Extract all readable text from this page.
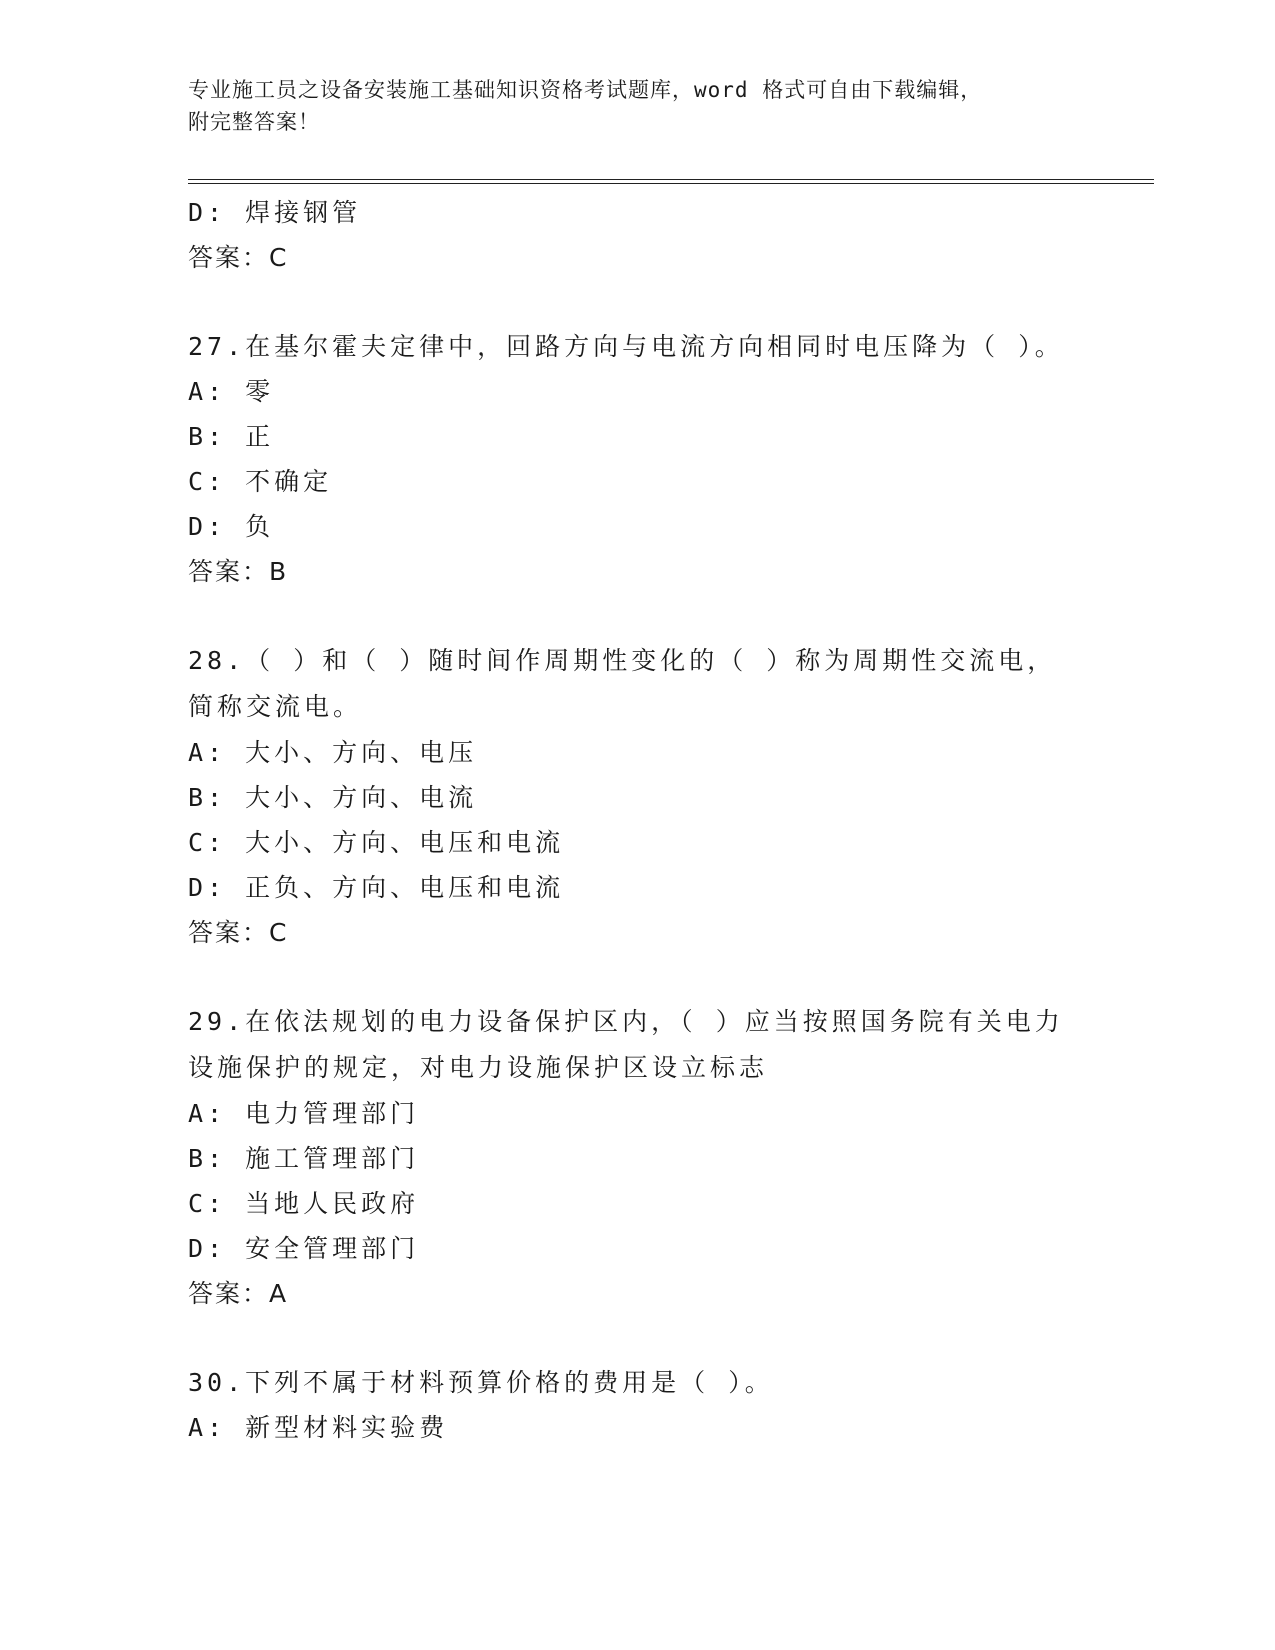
专业施工员之设备安装施工基础知识资格考试题库，word 格式可自由下载编辑，
附完整答案！
D: 焊接钢管
答案：C
27.在基尔霍夫定律中，回路方向与电流方向相同时电压降为（ ）。
A: 零
B: 正
C: 不确定
D: 负
答案：B
28.（ ）和（ ）随时间作周期性变化的（ ）称为周期性交流电，简称交流电。
A: 大小、方向、电压
B: 大小、方向、电流
C: 大小、方向、电压和电流
D: 正负、方向、电压和电流
答案：C
29.在依法规划的电力设备保护区内，（ ）应当按照国务院有关电力设施保护的规定，对电力设施保护区设立标志
A: 电力管理部门
B: 施工管理部门
C: 当地人民政府
D: 安全管理部门
答案：A
30.下列不属于材料预算价格的费用是（ ）。
A: 新型材料实验费
